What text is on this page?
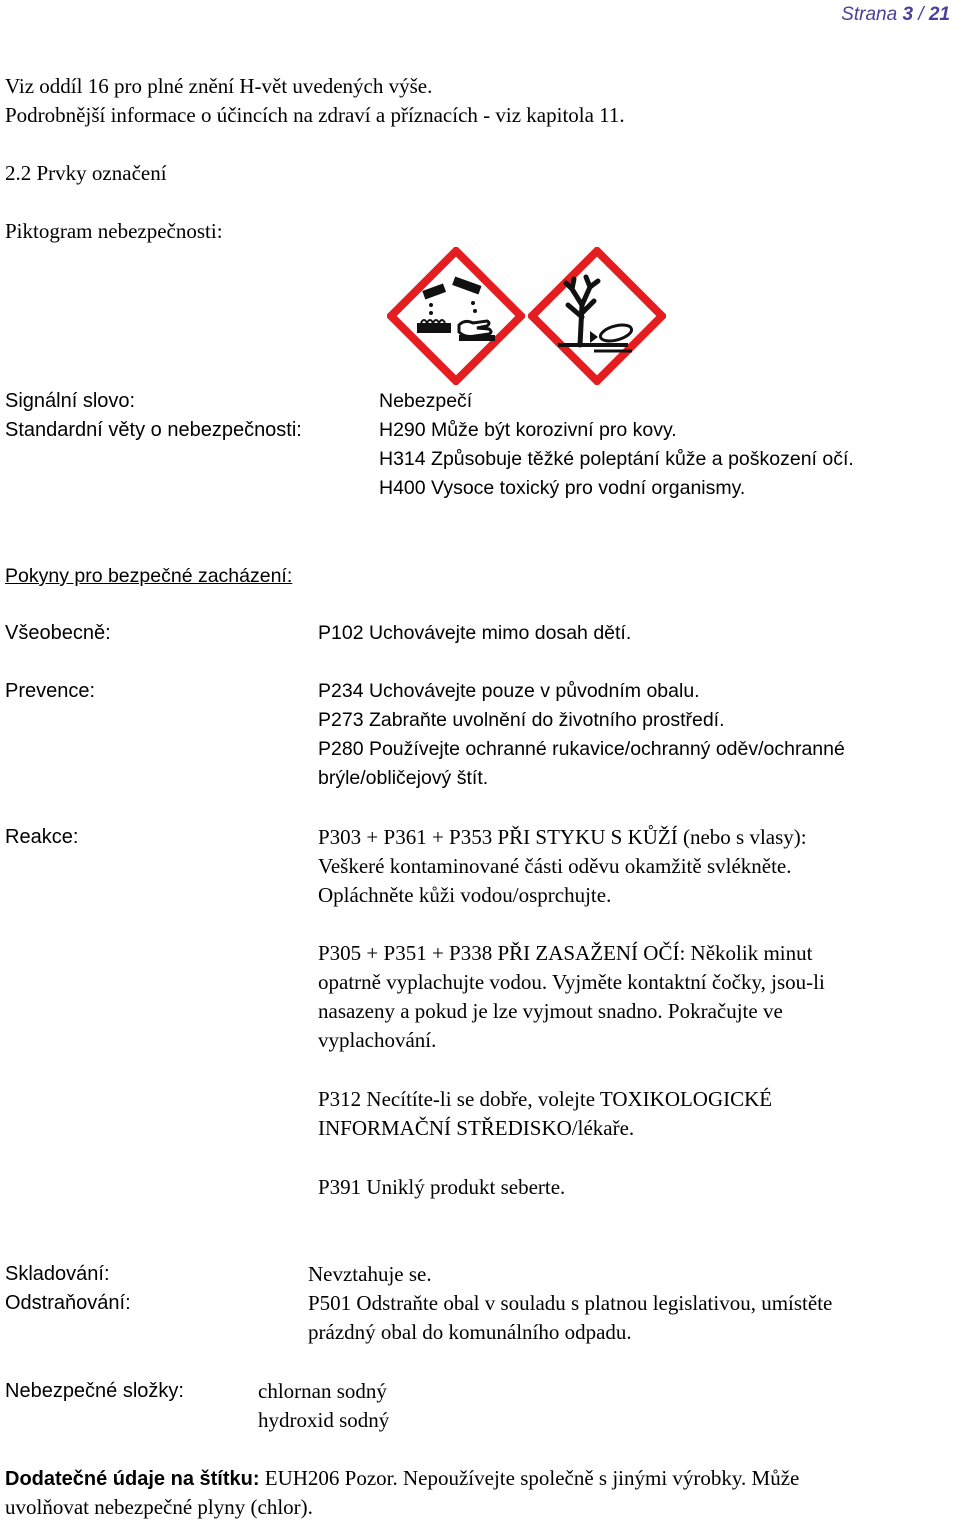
Strana 3 / 21
Viz oddíl 16 pro plné znění H-vět uvedených výše.
Podrobnější informace o účincích na zdraví a příznacích - viz kapitola 11.
2.2 Prvky označení
Piktogram nebezpečnosti:
Signální slovo:	Nebezpečí
Standardní věty o nebezpečnosti:	H290 Může být korozivní pro kovy.
H314 Způsobuje těžké poleptání kůže a poškození očí.
H400 Vysoce toxický pro vodní organismy.
Pokyny pro bezpečné zacházení:
Všeobecně:	P102 Uchovávejte mimo dosah dětí.
Prevence:	P234 Uchovávejte pouze v původním obalu.
P273 Zabraňte uvolnění do životního prostředí.
P280 Používejte ochranné rukavice/ochranný oděv/ochranné
brýle/obličejový štít.
Reakce:	P303 + P361 + P353 PŘI STYKU S KŮŽÍ (nebo s vlasy):
Veškeré kontaminované části oděvu okamžitě svlékněte.
Opláchněte kůži vodou/osprchujte.
P305 + P351 + P338 PŘI ZASAŽENÍ OČÍ: Několik minut
opatrně vyplachujte vodou. Vyjměte kontaktní čočky, jsou-li
nasazeny a pokud je lze vyjmout snadno. Pokračujte ve
vyplachování.
P312 Necítíte-li se dobře, volejte TOXIKOLOGICKÉ
INFORMAČNÍ STŘEDISKO/lékaře.
P391 Uniklý produkt seberte.
Skladování:	Nevztahuje se.
Odstraňování:	P501 Odstraňte obal v souladu s platnou legislativou, umístěte
prázdný obal do komunálního odpadu.
Nebezpečné složky:	chlornan sodný
hydroxid sodný
Dodatečné údaje na štítku: EUH206 Pozor. Nepoužívejte společně s jinými výrobky. Může
uvolňovat nebezpečné plyny (chlor).
